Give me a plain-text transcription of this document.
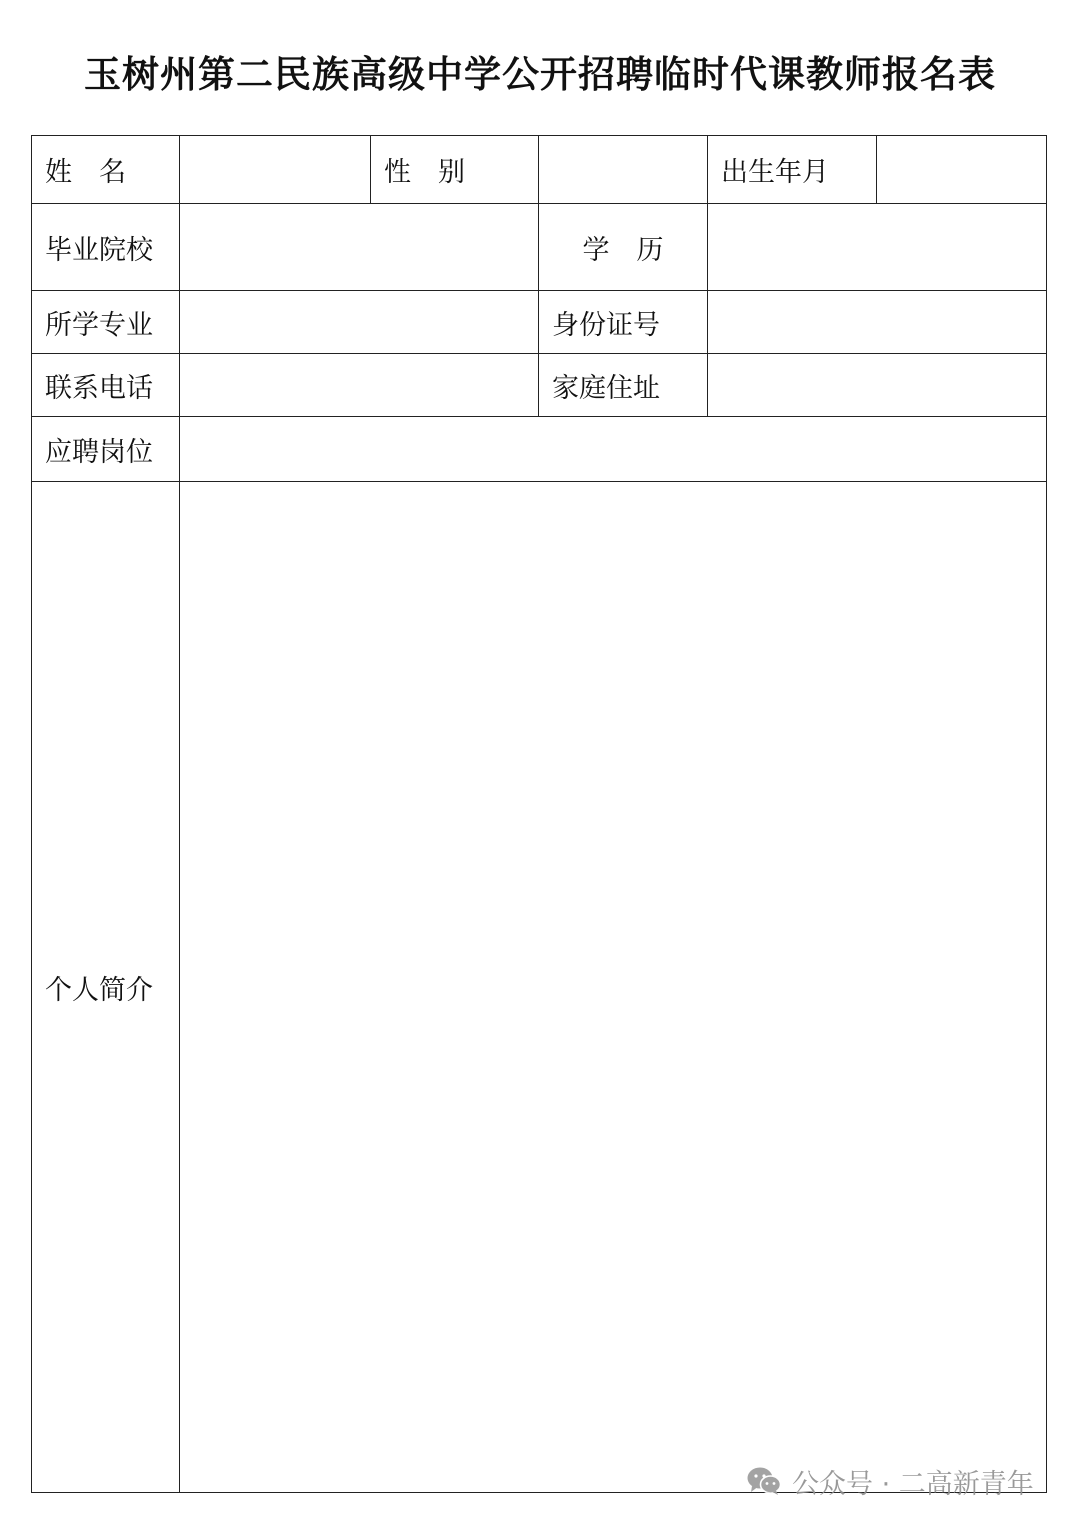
玉树州第二民族高级中学公开招聘临时代课教师报名表
姓　名		性　别		出生年月	
毕业院校			学　历		
所学专业			身份证号		
联系电话			家庭住址		
应聘岗位					
个人简介					
公众号 · 二高新青年
